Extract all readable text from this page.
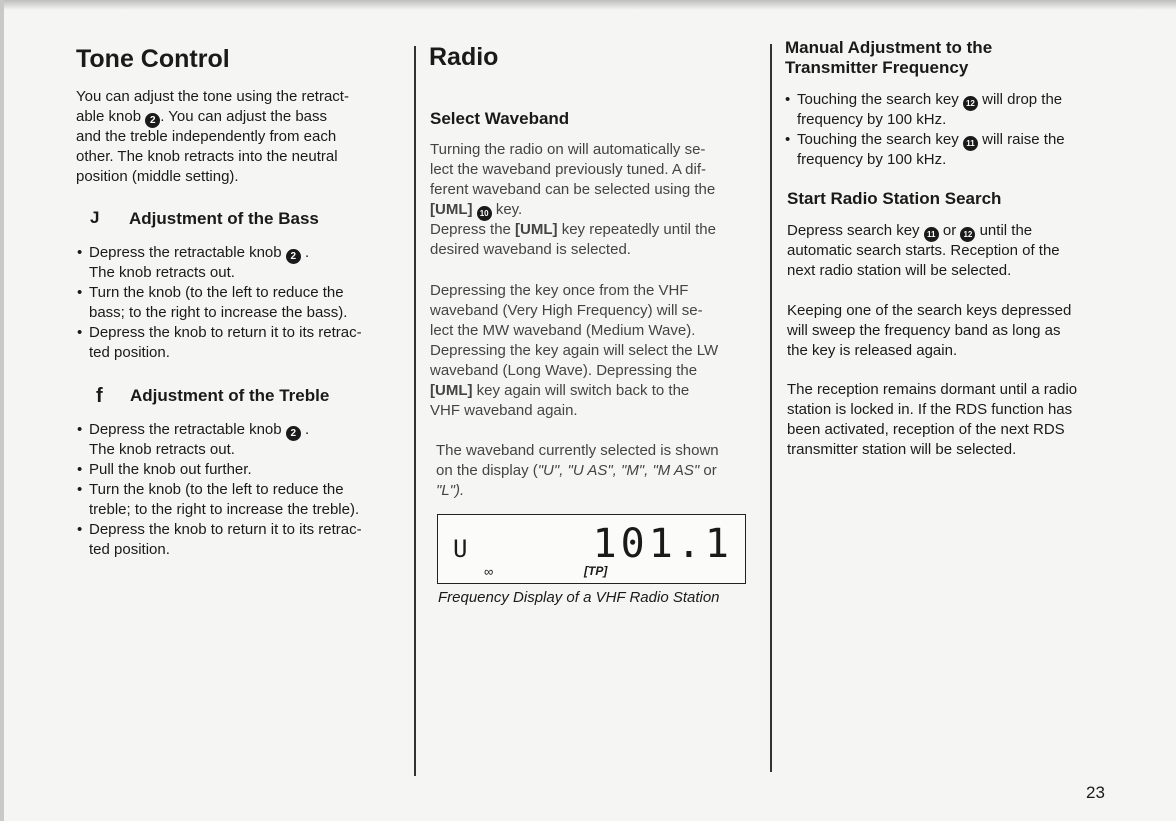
Tone Control
You can adjust the tone using the retract-
able knob 2 . You can adjust the bass
and the treble independently from each
other. The knob retracts into the neutral
position (middle setting).
J Adjustment of the Bass
• Depress the retractable knob 2 .
The knob retracts out.
• Turn the knob (to the left to reduce the
bass; to the right to increase the bass).
• Depress the knob to return it to its retrac-
ted position.
f Adjustment of the Treble
• Depress the retractable knob 2 .
The knob retracts out.
• Pull the knob out further.
• Turn the knob (to the left to reduce the
treble; to the right to increase the treble).
• Depress the knob to return it to its retrac-
ted position.
Radio
Select Waveband
Turning the radio on will automatically se-
lect the waveband previously tuned. A dif-
ferent waveband can be selected using the
[UML] 10 key.
Depress the [UML] key repeatedly until the
desired waveband is selected.
Depressing the key once from the VHF
waveband (Very High Frequency) will se-
lect the MW waveband (Medium Wave).
Depressing the key again will select the LW
waveband (Long Wave). Depressing the
[UML] key again will switch back to the
VHF waveband again.
The waveband currently selected is shown
on the display ("U", "U AS", "M", "M AS" or
"L").
U	101.1
∞	[TP]
Frequency Display of a VHF Radio Station
Manual Adjustment to the
Transmitter Frequency
• Touching the search key 12 will drop the
frequency by 100 kHz.
• Touching the search key 11 will raise the
frequency by 100 kHz.
Start Radio Station Search
Depress search key 11 or 12 until the
automatic search starts. Reception of the
next radio station will be selected.
Keeping one of the search keys depressed
will sweep the frequency band as long as
the key is released again.
The reception remains dormant until a radio
station is locked in. If the RDS function has
been activated, reception of the next RDS
transmitter station will be selected.
23
